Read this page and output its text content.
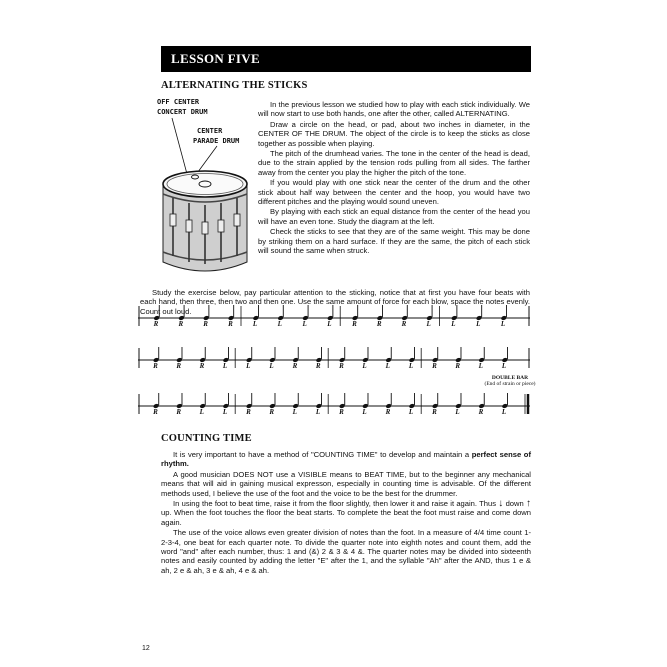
LESSON FIVE
ALTERNATING THE STICKS
OFF CENTER
CONCERT DRUM
CENTER
PARADE DRUM

In the previous lesson we studied how to play with each stick individually. We will now start to use both hands, one after the other, called ALTERNATING.

Draw a circle on the head, or pad, about two inches in diameter, in the CENTER OF THE DRUM. The object of the circle is to keep the sticks as close together as possible when playing.

The pitch of the drumhead varies. The tone in the center of the head is dead, due to the strain applied by the tension rods pulling from all sides. The farther away from the center you play the higher the pitch of the tone.

If you would play with one stick near the center of the drum and the other stick about half way between the center and the hoop, you would have two different pitches and the playing would sound uneven.

By playing with each stick an equal distance from the center of the head you will have an even tone. Study the diagram at the left.

Check the sticks to see that they are of the same weight. This may be done by striking them on a hard surface. If they are the same, the pitch of each stick will sound the same when struck.

Study the exercise below, pay particular attention to the sticking, notice that at first you have four beats with each hand, then three, then two and then one. Use the same amount of force for each blow, space the notes evenly. Count out loud.

R	R	R	R	L	L	L	L	R	R	R	L	L	L	L
R	R	R	L	L	L	R	R	R	L	L	L	R	R	L	L
DOUBLE BAR
(End of strain or piece)
R	R	L	L	R	R	L	L	R	L	R	L	R	L	R	L
COUNTING TIME

It is very important to have a method of "COUNTING TIME" to develop and maintain a perfect sense of rhythm.

A good musician DOES NOT use a VISIBLE means to BEAT TIME, but to the beginner any mechanical means that will aid in gaining musical expresson, especially in counting time is advisable. Of the different methods used, I believe the use of the foot and the voice to be the best for the drummer.

In using the foot to beat time, raise it from the floor slightly, then lower it and raise it again. Thus ↓ down ↑ up. When the foot touches the floor the beat starts. To complete the beat the foot must raise and come down again.

The use of the voice allows even greater division of notes than the foot. In a measure of 4/4 time count 1-2-3-4, one beat for each quarter note. To divide the quarter note into eighth notes and count them, add the word "and" after each number, thus: 1 and (&) 2 & 3 & 4 &. The quarter notes may be divided into sixteenth notes and easily counted by adding the letter "E" after the 1, and the syllable "Ah" after the AND, thus 1 e & ah, 2 e & ah, 3 e & ah, 4 e & ah.

12
